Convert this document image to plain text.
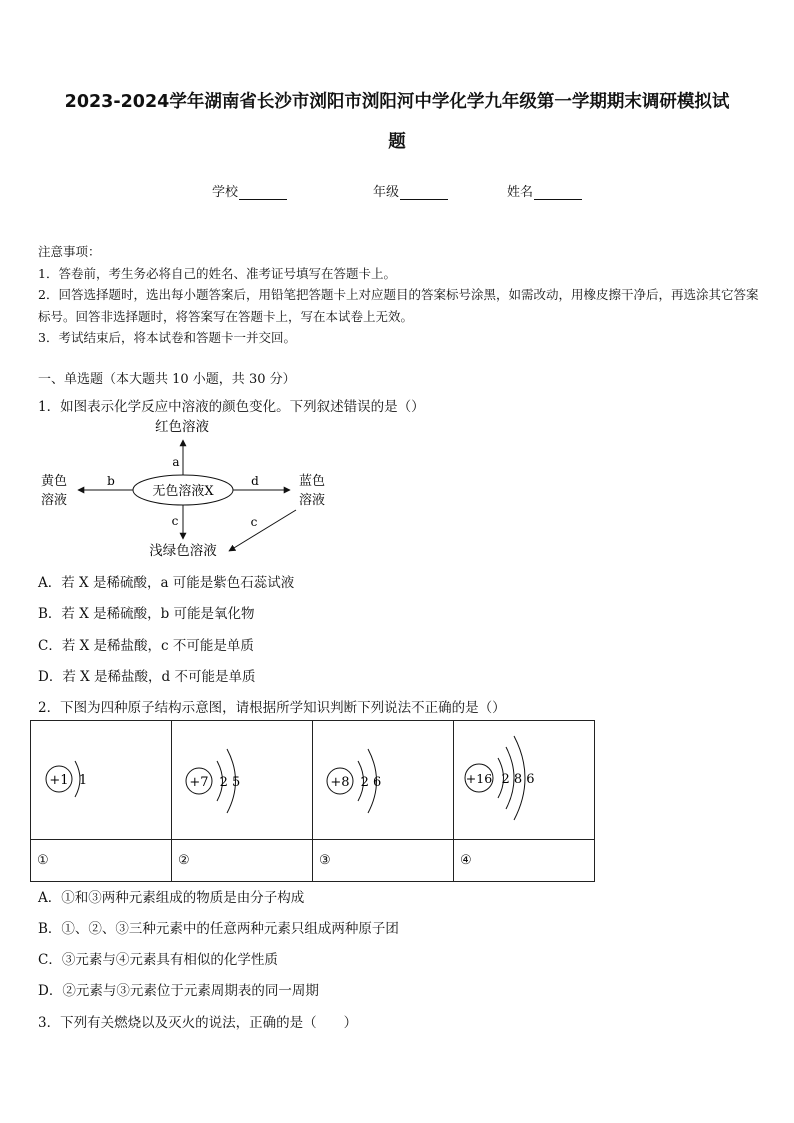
2023-2024学年湖南省长沙市浏阳市浏阳河中学化学九年级第一学期期末调研模拟试
题
学校	年级	姓名

注意事项：

1．答卷前，考生务必将自己的姓名、准考证号填写在答题卡上。

2．回答选择题时，选出每小题答案后，用铅笔把答题卡上对应题目的答案标号涂黑，如需改动，用橡皮擦干净后，再选涂其它答案标号。回答非选择题时，将答案写在答题卡上，写在本试卷上无效。

3．考试结束后，将本试卷和答题卡一并交回。

一、单选题（本大题共 10 小题，共 30 分）
1．如图表示化学反应中溶液的颜色变化。下列叙述错误的是（）
无色溶液X
红色溶液
a
b
黄色
溶液
d	蓝色
溶液
c
浅绿色溶液
c
A．若 X 是稀硫酸，a 可能是紫色石蕊试液
B．若 X 是稀硫酸，b 可能是氧化物
C．若 X 是稀盐酸，c 不可能是单质
D．若 X 是稀盐酸，d 不可能是单质
2．下图为四种原子结构示意图，请根据所学知识判断下列说法不正确的是（）
+1 1	+7 2 5	+8 2 6	+16 2 8 6

①	②	③	④
A．①和③两种元素组成的物质是由分子构成
B．①、②、③三种元素中的任意两种元素只组成两种原子团
C．③元素与④元素具有相似的化学性质
D．②元素与③元素位于元素周期表的同一周期
3．下列有关燃烧以及灭火的说法，正确的是（　　）
